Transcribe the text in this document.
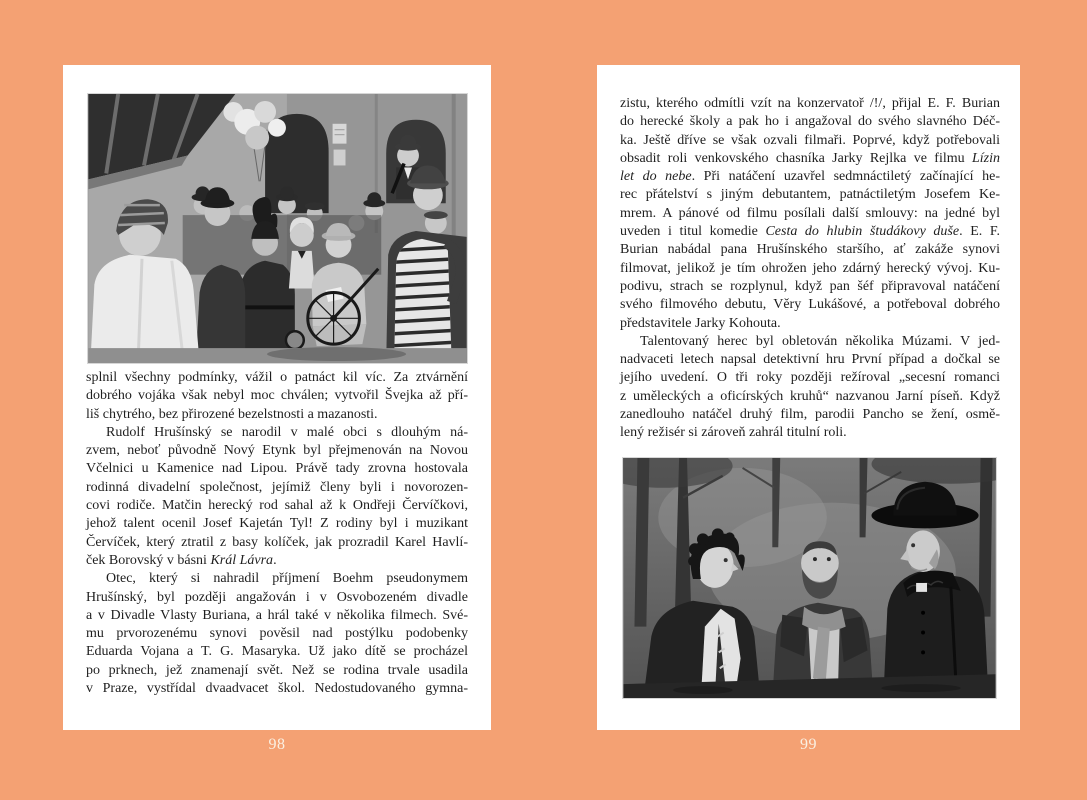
splnil všechny podmínky, vážil o patnáct kil víc. Za ztvárnění
dobrého vojáka však nebyl moc chválen; vytvořil Švejka až pří-
liš chytrého, bez přirozené bezelstnosti a mazanosti.
Rudolf Hrušínský se narodil v malé obci s dlouhým ná-
zvem, neboť původně Nový Etynk byl přejmenován na Novou
Včelnici u Kamenice nad Lipou. Právě tady zrovna hostovala
rodinná divadelní společnost, jejímiž členy byli i novorozen-
covi rodiče. Matčin herecký rod sahal až k Ondřeji Červíčkovi,
jehož talent ocenil Josef Kajetán Tyl! Z rodiny byl i muzikant
Červíček, který ztratil z basy kolíček, jak prozradil Karel Havlí-
ček Borovský v básni Král Lávra.
Otec, který si nahradil příjmení Boehm pseudonymem
Hrušínský, byl později angažován i v Osvobozeném divadle
a v Divadle Vlasty Buriana, a hrál také v několika filmech. Své-
mu prvorozenému synovi pověsil nad postýlku podobenky
Eduarda Vojana a T. G. Masaryka. Už jako dítě se procházel
po prknech, jež znamenají svět. Než se rodina trvale usadila
v Praze, vystřídal dvaadvacet škol. Nedostudovaného gymna-
98
zistu, kterého odmítli vzít na konzervatoř /!/, přijal E. F. Burian
do herecké školy a pak ho i angažoval do svého slavného Déč-
ka. Ještě dříve se však ozvali filmaři. Poprvé, když potřebovali
obsadit roli venkovského chasníka Jarky Rejlka ve filmu Lízin
let do nebe. Při natáčení uzavřel sedmnáctiletý začínající he-
rec přátelství s jiným debutantem, patnáctiletým Josefem Ke-
mrem. A pánové od filmu posílali další smlouvy: na jedné byl
uveden i titul komedie Cesta do hlubin študákovy duše. E. F.
Burian nabádal pana Hrušínského staršího, ať zakáže synovi
filmovat, jelikož je tím ohrožen jeho zdárný herecký vývoj. Ku-
podivu, strach se rozplynul, když pan šéf připravoval natáčení
svého filmového debutu, Věry Lukášové, a potřeboval dobrého
představitele Jarky Kohouta.
Talentovaný herec byl obletován několika Múzami. V jed-
nadvaceti letech napsal detektivní hru První případ a dočkal se
jejího uvedení. O tři roky později režíroval „secesní romanci
z uměleckých a oficírských kruhů“ nazvanou Jarní píseň. Když
zanedlouho natáčel druhý film, parodii Pancho se žení, osmě-
lený režisér si zároveň zahrál titulní roli.
99
